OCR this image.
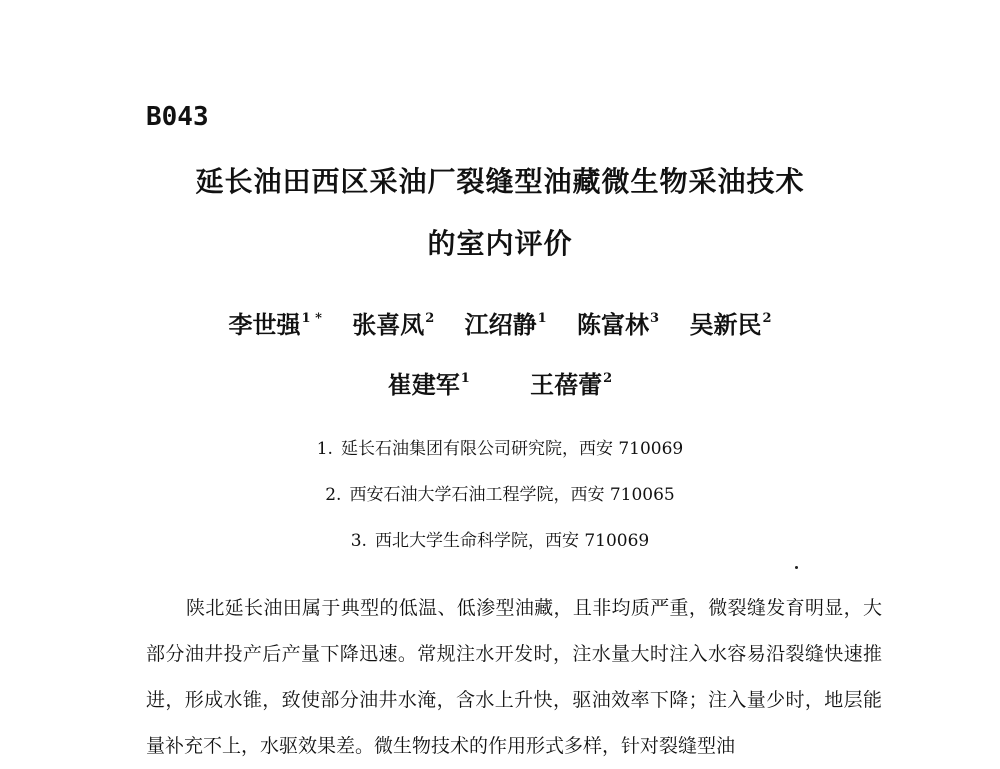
B043
延长油田西区采油厂裂缝型油藏微生物采油技术
的室内评价
李世强$^{1 *}$ 张喜凤$^2$ 江绍静$^1$ 陈富林$^3$ 吴新民$^2$
崔建军$^1$	王蓓蕾$^2$
1. 延长石油集团有限公司研究院，西安 710069
2. 西安石油大学石油工程学院，西安 710065
3. 西北大学生命科学院，西安 710069
陕北延长油田属于典型的低温、低渗型油藏，且非均质严重，微裂缝发育明显，大部分油井投产后产量下降迅速。常规注水开发时，注水量大时注入水容易沿裂缝快速推进，形成水锥，致使部分油井水淹，含水上升快，驱油效率下降；注入量少时，地层能量补充不上，水驱效果差。微生物技术的作用形式多样，针对裂缝型油
